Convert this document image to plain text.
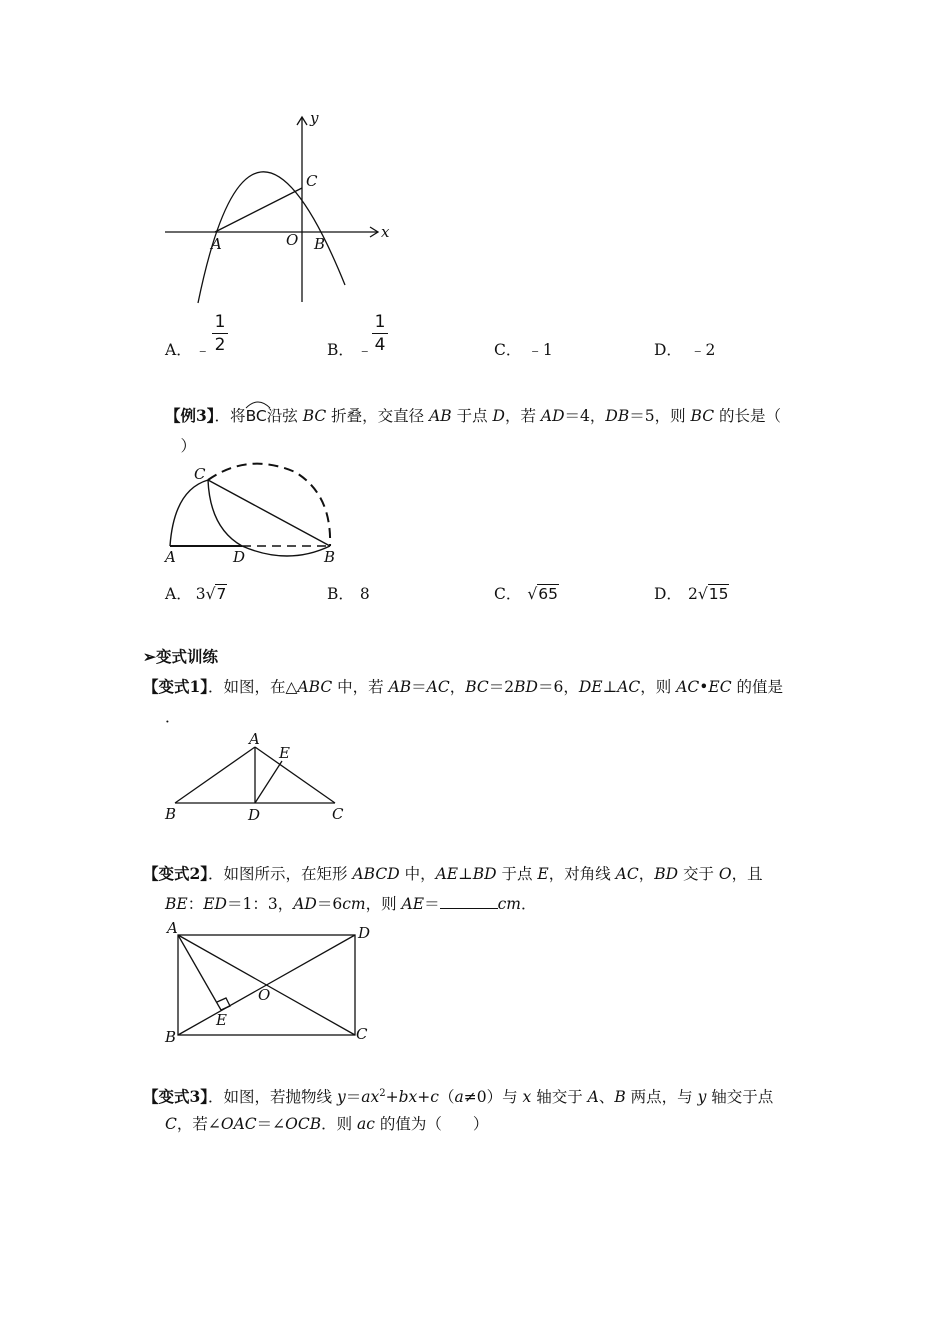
y
x
C
A	O B
A． ﹣
1
2	B． ﹣
1
4	C． ﹣1	D． ﹣2
【例3】．将
BC沿弦 BC 折叠，交直径 AB 于点 D，若 AD＝4，DB＝5，则 BC 的长是（
　）
C
A	D	B
A． 3√7	B． 8	C． √65	D． 2√15
➢变式训练
【变式1】．如图，在△ABC 中，若 AB＝AC，BC＝2BD＝6，DE⊥AC，则 AC•EC 的值是
．
A
E
B	D	C
【变式2】．如图所示，在矩形 ABCD 中，AE⊥BD 于点 E，对角线 AC，BD 交于 O，且
BE：ED＝1：3，AD＝6cm，则 AE＝	cm．
A	D
O
E
B	C
【变式3】．如图，若抛物线 $y=ax^2+bx+c(a\ne 0)$与 x 轴交于 A、B 两点，与 y 轴交于点
C，若∠OAC＝∠OCB．则 ac 的值为（　　）
